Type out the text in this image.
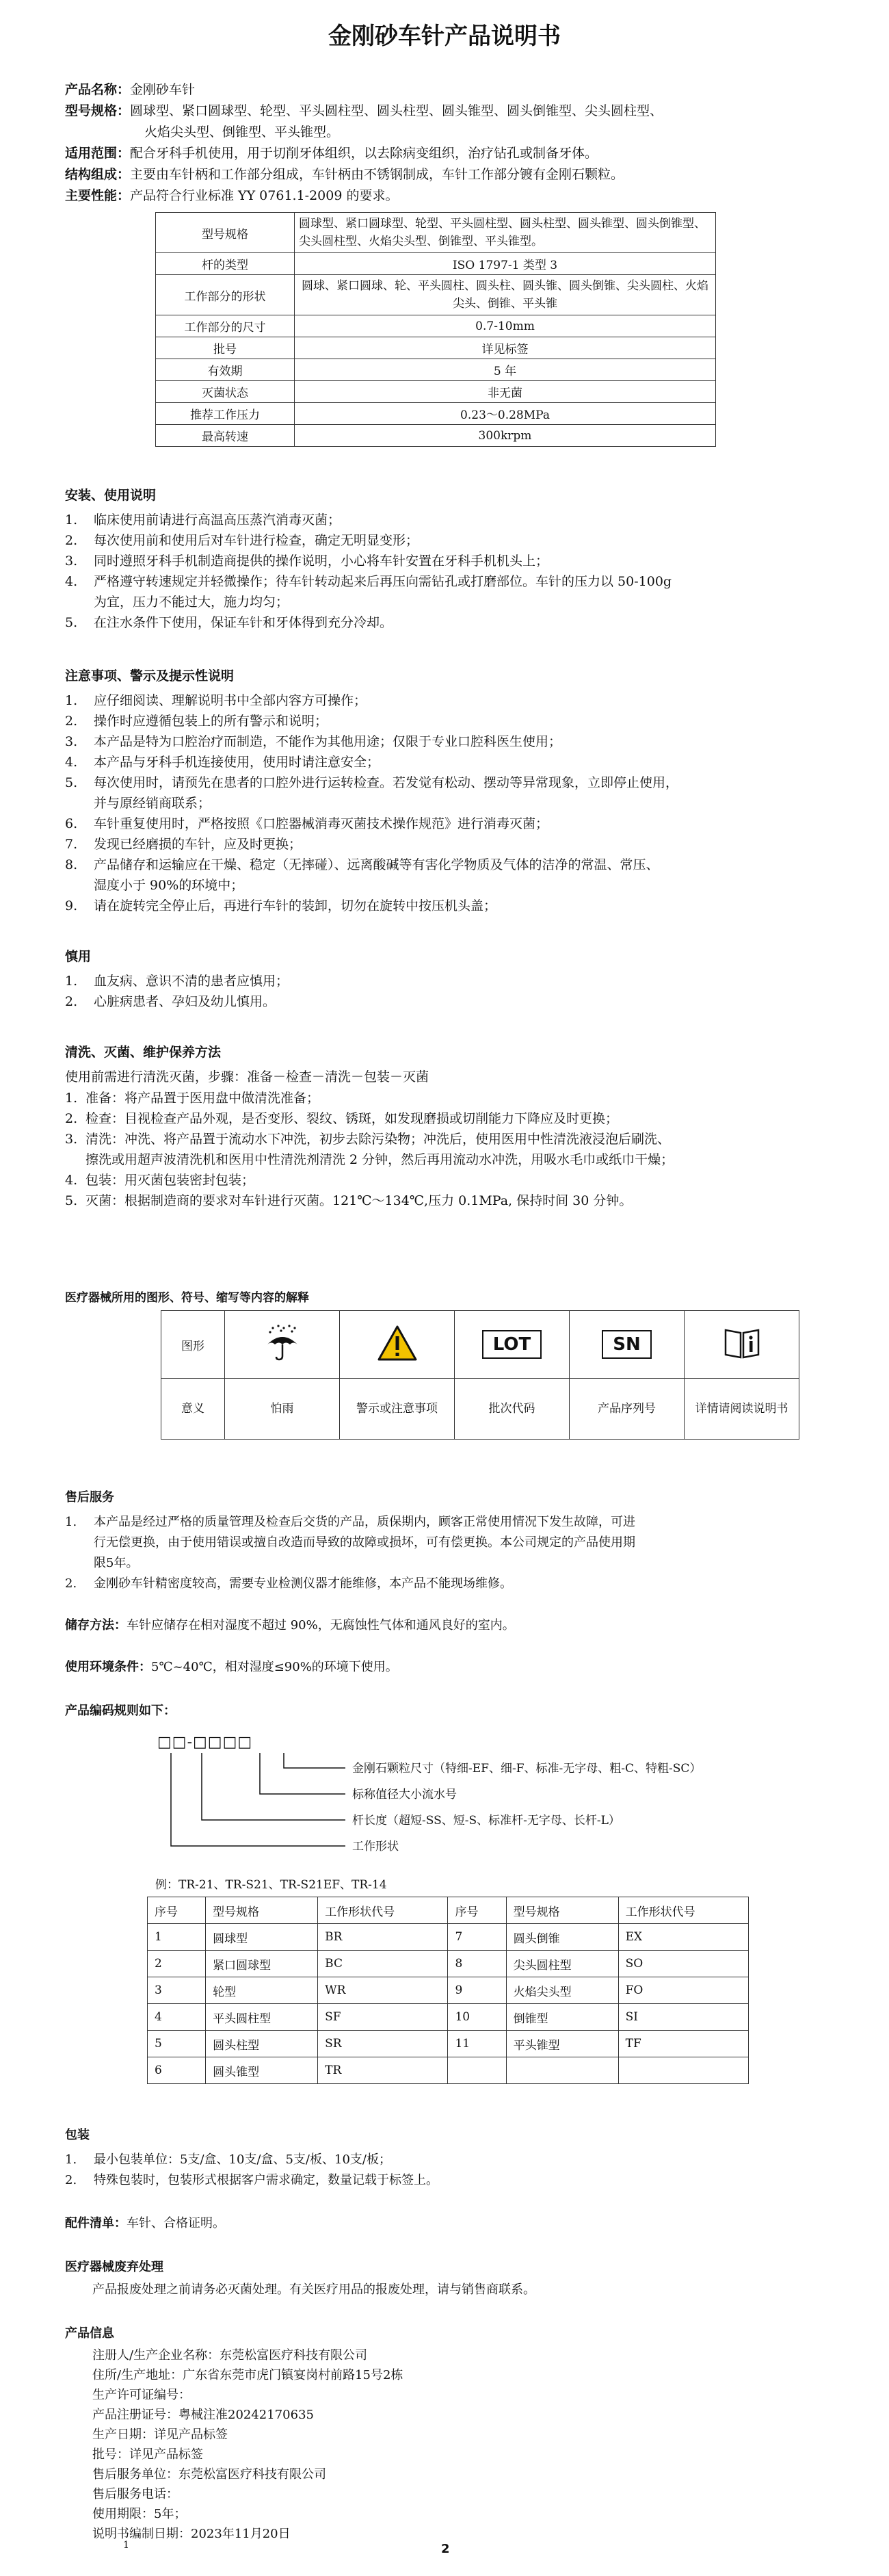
金刚砂车针产品说明书
产品名称：金刚砂车针
型号规格：圆球型、紧口圆球型、轮型、平头圆柱型、圆头柱型、圆头锥型、圆头倒锥型、尖头圆柱型、
火焰尖头型、倒锥型、平头锥型。
适用范围：配合牙科手机使用，用于切削牙体组织，以去除病变组织，治疗钻孔或制备牙体。
结构组成：主要由车针柄和工作部分组成，车针柄由不锈钢制成，车针工作部分镀有金刚石颗粒。
主要性能：产品符合行业标准 YY 0761.1-2009 的要求。
型号规格	圆球型、紧口圆球型、轮型、平头圆柱型、圆头柱型、圆头锥型、圆头倒锥型、尖头圆柱型、火焰尖头型、倒锥型、平头锥型。
杆的类型	ISO 1797-1 类型 3
工作部分的形状	圆球、紧口圆球、轮、平头圆柱、圆头柱、圆头锥、圆头倒锥、尖头圆柱、火焰尖头、倒锥、平头锥
工作部分的尺寸	0.7-10mm
批号	详见标签
有效期	5 年
灭菌状态	非无菌
推荐工作压力	0.23～0.28MPa
最高转速	300krpm
安装、使用说明
1. 临床使用前请进行高温高压蒸汽消毒灭菌；
2. 每次使用前和使用后对车针进行检查，确定无明显变形；
3. 同时遵照牙科手机制造商提供的操作说明，小心将车针安置在牙科手机机头上；
4. 严格遵守转速规定并轻微操作；待车针转动起来后再压向需钻孔或打磨部位。车针的压力以 50-100g
为宜，压力不能过大，施力均匀；
5. 在注水条件下使用，保证车针和牙体得到充分冷却。
注意事项、警示及提示性说明
1. 应仔细阅读、理解说明书中全部内容方可操作；
2. 操作时应遵循包装上的所有警示和说明；
3. 本产品是特为口腔治疗而制造，不能作为其他用途；仅限于专业口腔科医生使用；
4. 本产品与牙科手机连接使用，使用时请注意安全；
5. 每次使用时，请预先在患者的口腔外进行运转检查。若发觉有松动、摆动等异常现象，立即停止使用，
并与原经销商联系；
6. 车针重复使用时，严格按照《口腔器械消毒灭菌技术操作规范》进行消毒灭菌；
7. 发现已经磨损的车针，应及时更换；
8. 产品储存和运输应在干燥、稳定（无摔碰）、远离酸碱等有害化学物质及气体的洁净的常温、常压、
湿度小于 90%的环境中；
9. 请在旋转完全停止后，再进行车针的装卸，切勿在旋转中按压机头盖；
慎用
1. 血友病、意识不清的患者应慎用；
2. 心脏病患者、孕妇及幼儿慎用。
清洗、灭菌、维护保养方法
使用前需进行清洗灭菌，步骤：准备－检查－清洗－包装－灭菌
1. 准备：将产品置于医用盘中做清洗准备；
2. 检查：目视检查产品外观，是否变形、裂纹、锈斑，如发现磨损或切削能力下降应及时更换；
3. 清洗：冲洗、将产品置于流动水下冲洗，初步去除污染物；冲洗后，使用医用中性清洗液浸泡后刷洗、
擦洗或用超声波清洗机和医用中性清洗剂清洗 2 分钟，然后再用流动水冲洗，用吸水毛巾或纸巾干燥；
4. 包装：用灭菌包装密封包装；
5. 灭菌：根据制造商的要求对车针进行灭菌。121℃～134℃,压力 0.1MPa, 保持时间 30 分钟。
医疗器械所用的图形、符号、缩写等内容的解释
图形			LOT	SN	
意义	怕雨	警示或注意事项	批次代码	产品序列号	详情请阅读说明书
售后服务
1. 本产品是经过严格的质量管理及检查后交货的产品，质保期内，顾客正常使用情况下发生故障，可进
行无偿更换，由于使用错误或擅自改造而导致的故障或损坏，可有偿更换。本公司规定的产品使用期
限5年。
2. 金刚砂车针精密度较高，需要专业检测仪器才能维修，本产品不能现场维修。
储存方法：车针应储存在相对湿度不超过 90%，无腐蚀性气体和通风良好的室内。
使用环境条件：5℃~40℃，相对湿度≤90%的环境下使用。
产品编码规则如下：
□□-□□□□
金刚石颗粒尺寸（特细-EF、细-F、标准-无字母、粗-C、特粗-SC）
标称值径大小流水号
杆长度（超短-SS、短-S、标准杆-无字母、长杆-L）
工作形状
例：TR-21、TR-S21、TR-S21EF、TR-14
序号	型号规格	工作形状代号	序号	型号规格	工作形状代号
1	圆球型	BR	7	圆头倒锥	EX
2	紧口圆球型	BC	8	尖头圆柱型	SO
3	轮型	WR	9	火焰尖头型	FO
4	平头圆柱型	SF	10	倒锥型	SI
5	圆头柱型	SR	11	平头锥型	TF
6	圆头锥型	TR			
包装
1. 最小包装单位：5支/盒、10支/盒、5支/板、10支/板；
2. 特殊包装时，包装形式根据客户需求确定，数量记载于标签上。
配件清单：车针、合格证明。
医疗器械废弃处理
产品报废处理之前请务必灭菌处理。有关医疗用品的报废处理，请与销售商联系。
产品信息
注册人/生产企业名称：东莞松富医疗科技有限公司
住所/生产地址：广东省东莞市虎门镇宴岗村前路15号2栋
生产许可证编号：
产品注册证号：粤械注准20242170635
生产日期：详见产品标签
批号：详见产品标签
售后服务单位：东莞松富医疗科技有限公司
售后服务电话：
使用期限：5年；
说明书编制日期：2023年11月20日
1	2
